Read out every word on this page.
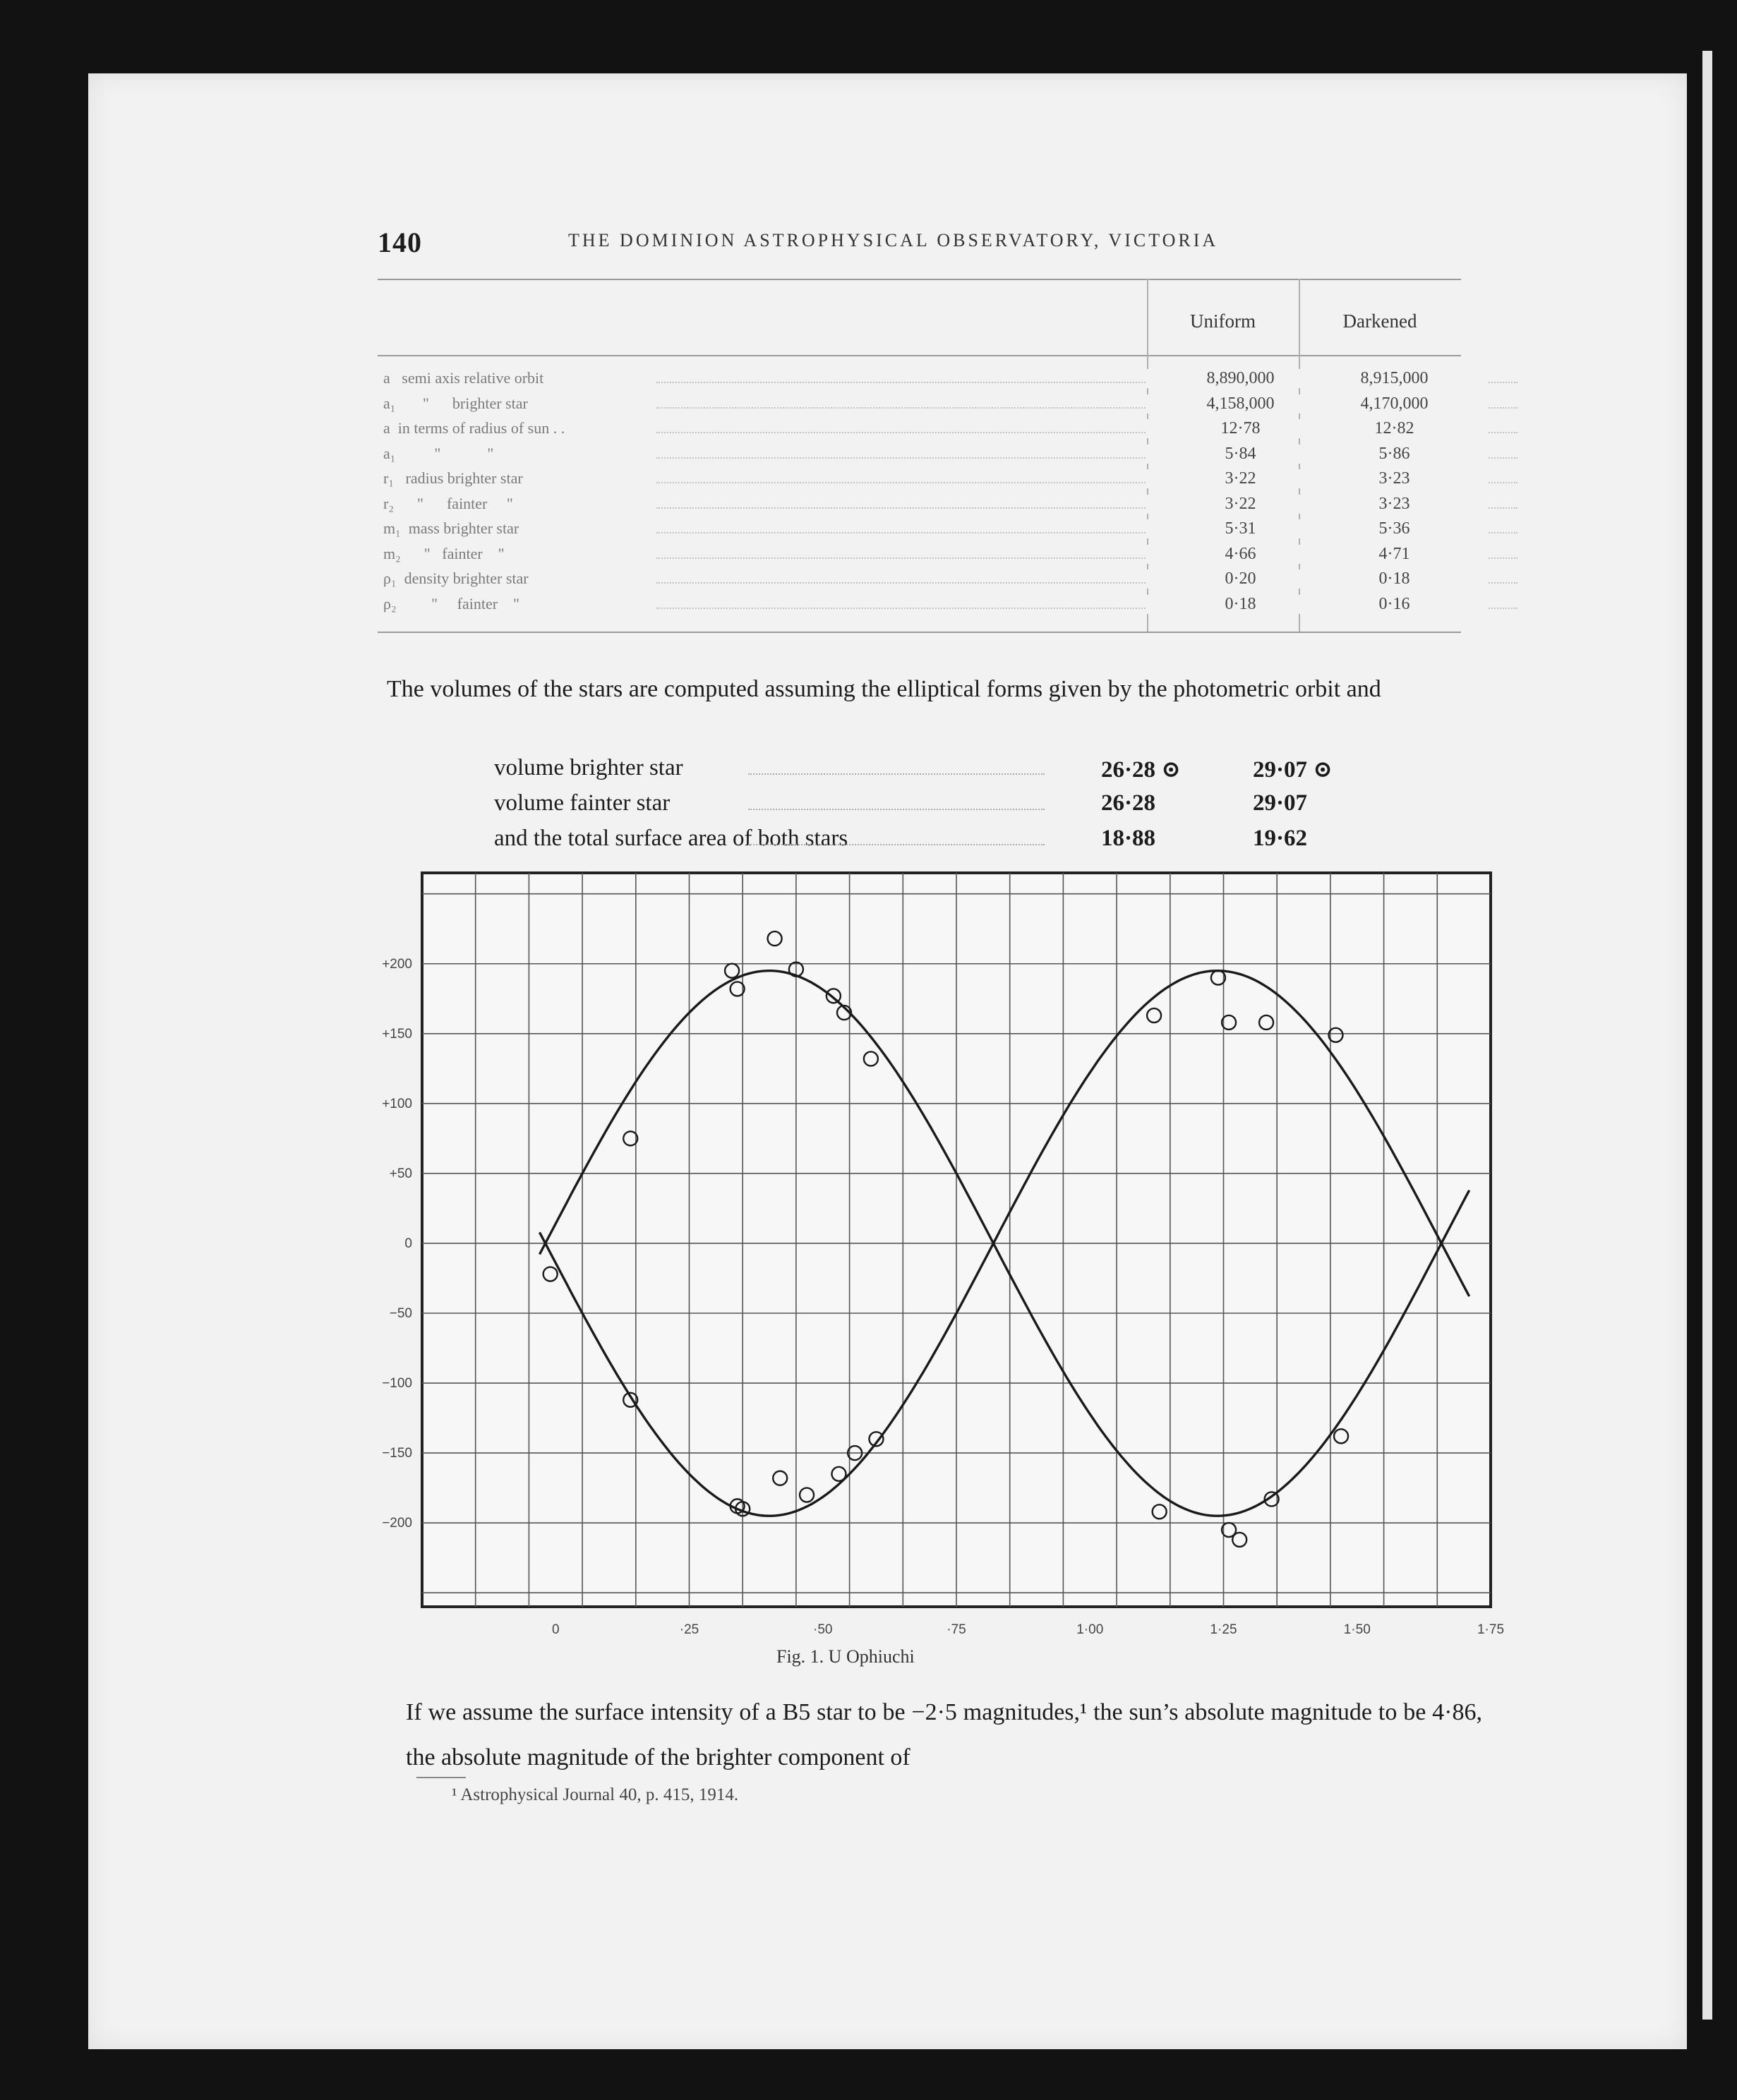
140	THE DOMINION ASTROPHYSICAL OBSERVATORY, VICTORIA
Uniform	Darkened
a   semi axis relative orbit	8,890,000	8,915,000
a₁       "      brighter star	4,158,000	4,170,000
a  in terms of radius of sun . .	12·78	12·82
a₁          "            "	5·84	5·86
r₁   radius brighter star	3·22	3·23
r₂      "      fainter     "	3·22	3·23
m₁  mass brighter star	5·31	5·36
m₂      "   fainter    "	4·66	4·71
ρ₁  density brighter star	0·20	0·18
ρ₂         "     fainter    "	0·18	0·16
The volumes of the stars are computed assuming the elliptical forms given by the photometric orbit and
volume brighter star	26·28 ⊙	29·07 ⊙
volume fainter star	26·28	29·07
and the total surface area of both stars	18·88	19·62
0	·25	·50	·75	1·00	1·25	1·50	1·75
+200
+150
+100
+50
0
−50
−100
−150
−200
Fig. 1. U Ophiuchi
If we assume the surface intensity of a B5 star to be −2·5 magnitudes,¹ the sun’s absolute magnitude to be 4·86, the absolute magnitude of the brighter component of
¹ Astrophysical Journal 40, p. 415, 1914.
